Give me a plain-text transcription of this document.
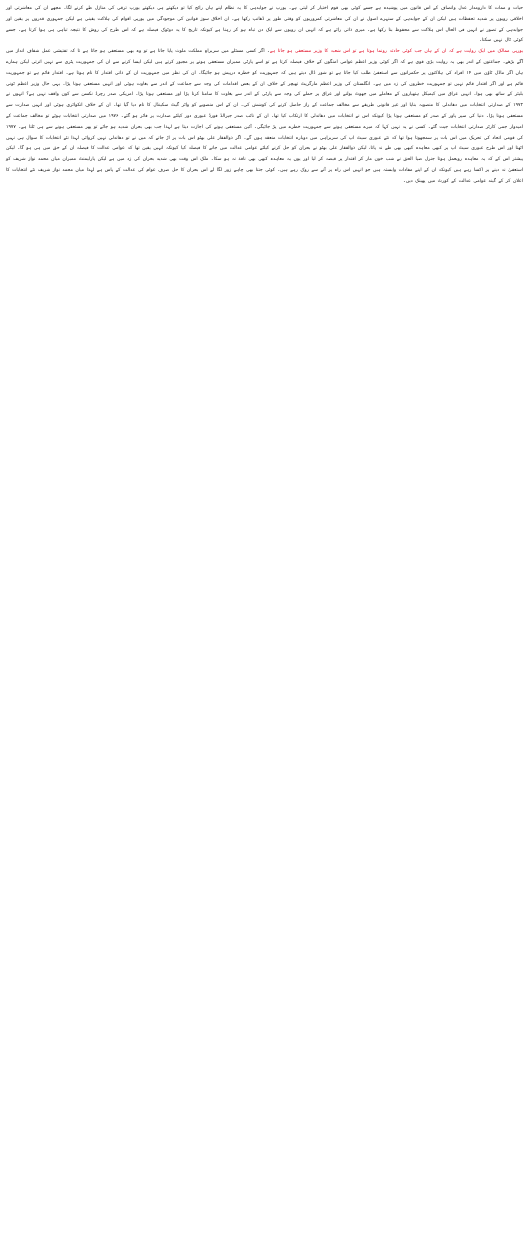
حیات و ممات کا دارومدار عدل وانصاف کے اس قانون میں پوشیدہ ہے جسے کوئی بھی قوم اختیار کر لیتی ہے۔ یورپ نے جوابدہی کا یہ نظام اپنے ہاں رائج کیا تو دیکھتے ہی دیکھتے یورپ ترقی کی منازل طے کرنے لگا۔ مجھے ان کی معاشرتی اور اخلاقی رویوں پر شدید تحفظات ہیں لیکن ان کے جوابدہی کے سنہرے اصول نے ان کی معاشرتی کمزوریوں کو وقتی طور پر ڈھانپ رکھا ہے۔ ان اخلاق سوز قوانین کی موجودگی میں یورپی اقوام کی ہلاکت یقینی ہے لیکن جمہوری قدروں پر یقین اور جوابدہی کے تصور نے انہیں فی الحال اس ہلاکت سے محفوظ بنا رکھا ہے۔ میری ذاتی رائے ہے کہ انہیں ان رویوں سے ایک دن تباہ ہو کر رہنا ہے کیونکہ تاریخ کا یہ دوٹوک فیصلہ ہے کہ اس طرح کی روش کا نتیجہ تباہی ہی ہوا کرتا ہے۔ جسے کوئی ٹال نہیں سکتا۔

یورپی ممالک میں ایک روایت ہے کہ ان کے ہاں جب کوئی حادثہ رونما ہوتا ہے تو اس شعبہ کا وزیر مستعفی ہو جاتا ہے۔ اگر کسی مسئلے میں سربراہِ مملکت ملوث پایا جاتا ہے تو وہ بھی مستعفی ہو جاتا ہے تا کہ تفتیشی عمل شفاف انداز میں آگے بڑھے۔ جماعتوں کے اندر بھی یہ روایت بڑی قوی ہے کہ اگر کوئی وزیر اعظم عوامی امنگوں کے خلاف فیصلہ کرتا ہے تو اسے پارٹی ممبران مستعفی ہونے پر مجبور کرتے ہیں لیکن ایسا کرنے سے ان کی جمہوریت پٹری سے نہیں اترتی لیکن ہمارے ہاں اگر ماڈل ٹاؤن میں ۱۴ افراد کی ہلاکتوں پر حکمرانوں سے استعفیٰ طلب کیا جاتا ہے تو شور ڈال دیتے ہیں کہ جمہوریت کو خطرہ درپیش ہو جائیگا۔ ان کی نظر میں جمہوریت ان کے ذاتی اقتدار کا نام ہوتا ہے۔ اقتدار قائم ہے تو جمہوریت قائم ہے اور اگر اقتدار قائم نہیں تو جمہوریت خطروں کی زد میں ہے۔ انگلستان کی وزیر اعظم مارگریٹ تھیچر کے خلاف ان کے بعض اقدامات کی وجہ سے جماعت کے اندر سے بغاوت ہوئی اور انہیں مستعفی ہونا پڑا۔ یہی حال وزیر اعظم ٹونی بلیئر کے ساتھ بھی ہوا۔ انہیں عراق میں کیمیکل ہتھیاروں کے معاملے میں جھوٹ بولنے اور عراق پر حملے کی وجہ سے پارٹی کے اندر سے بغاوت کا سامنا کرنا پڑا اور مستعفی ہونا پڑا۔ امریکی صدر رچرڈ نکسن سے کون واقف نہیں ہے؟ انہوں نے ۱۹۷۲ کے صدارتی انتخابات میں دھاندلی کا منصوبہ بنایا اور غیر قانونی طریقے سے مخالف جماعت کے راز حاصل کرنے کی کوشش کی۔ ان کے اس منصوبے کو واٹر گیٹ سکینڈل کا نام دیا گیا تھا۔ ان کے خلاف انکوائری ہوئی اور انہیں صدارت سے مستعفی ہونا پڑا۔ دنیا کی سپر پاور کے صدر کو مستعفی ہونا پڑا کیونکہ اس نے انتخابات میں دھاندلی کا ارتکاب کیا تھا۔ ان کے نائب صدر جیرالڈ فورڈ عبوری دور کیلئے صدارت پر فائز ہو گئے۔ ۱۹۷۶ میں صدارتی انتخابات ہوئے تو مخالف جماعت کے امیدوار جمی کارٹر صدارتی انتخابات جیت گئے۔ کسی نے یہ نہیں کہا کہ میرے مستعفی ہونے سے جمہوریت خطرے میں پڑ جائیگی۔ آئین مستعفی ہونے کی اجازت دیتا ہے لہذا جب بھی بحران شدید ہو جائے تو پھر مستعفی ہونے سے ہی ٹلتا ہے۔ ۱۹۷۷ کی قومی اتحاد کی تحریک میں اس بات پر سمجھوتا ہوا تھا کہ نئے عبوری سیٹ اپ کی سربراہی میں دوبارہ انتخابات منعقد ہوں گے۔ اگر ذوالفقار علی بھٹو اس بات پر اڑ جاتے کہ میں نے تو دھاندلی نہیں کروائی لہذا نئے انتخابات کا سوال ہی نہیں اٹھتا اور اس طرح عبوری سیٹ اپ پر کبھی معاہدہ کبھی بھی طے نہ پاتا، لیکن ذوالفقار علی بھٹو نے بحران کو حل کرنے کیلئے عوامی عدالت میں جانے کا فیصلہ کیا کیونکہ انہیں یقین تھا کہ عوامی عدالت کا فیصلہ ان کے حق میں ہی ہو گا۔ لیکن پیشتر اس کے کہ یہ معاہدہ روبعمل ہوتا جنرل ضیا الحق نے شب خون مار کر اقتدار پر قبضہ کر لیا اور یوں یہ معاہدہ کبھی بھی نافذ نہ ہو سکا۔ ملک اس وقت بھی شدید بحران کی زد میں ہے لیکن پارلیمنٹ ممبران میاں محمد نواز شریف کو استعفیٰ نہ دینے پر اکسا رہے ہیں کیونکہ ان کے اپنے مفادات وابستہ ہیں جو انہیں اس راہ پر آنے سے روک رہے ہیں۔ کوئی جتنا بھی چاہے زور لگا لے اس بحران کا حل صرف عوام کی عدالت کے پاس ہے لہذا میاں محمد نواز شریف نئے انتخابات کا اعلان کر کے گیند عوامی عدالت کے کورٹ میں پھینک دیں۔
